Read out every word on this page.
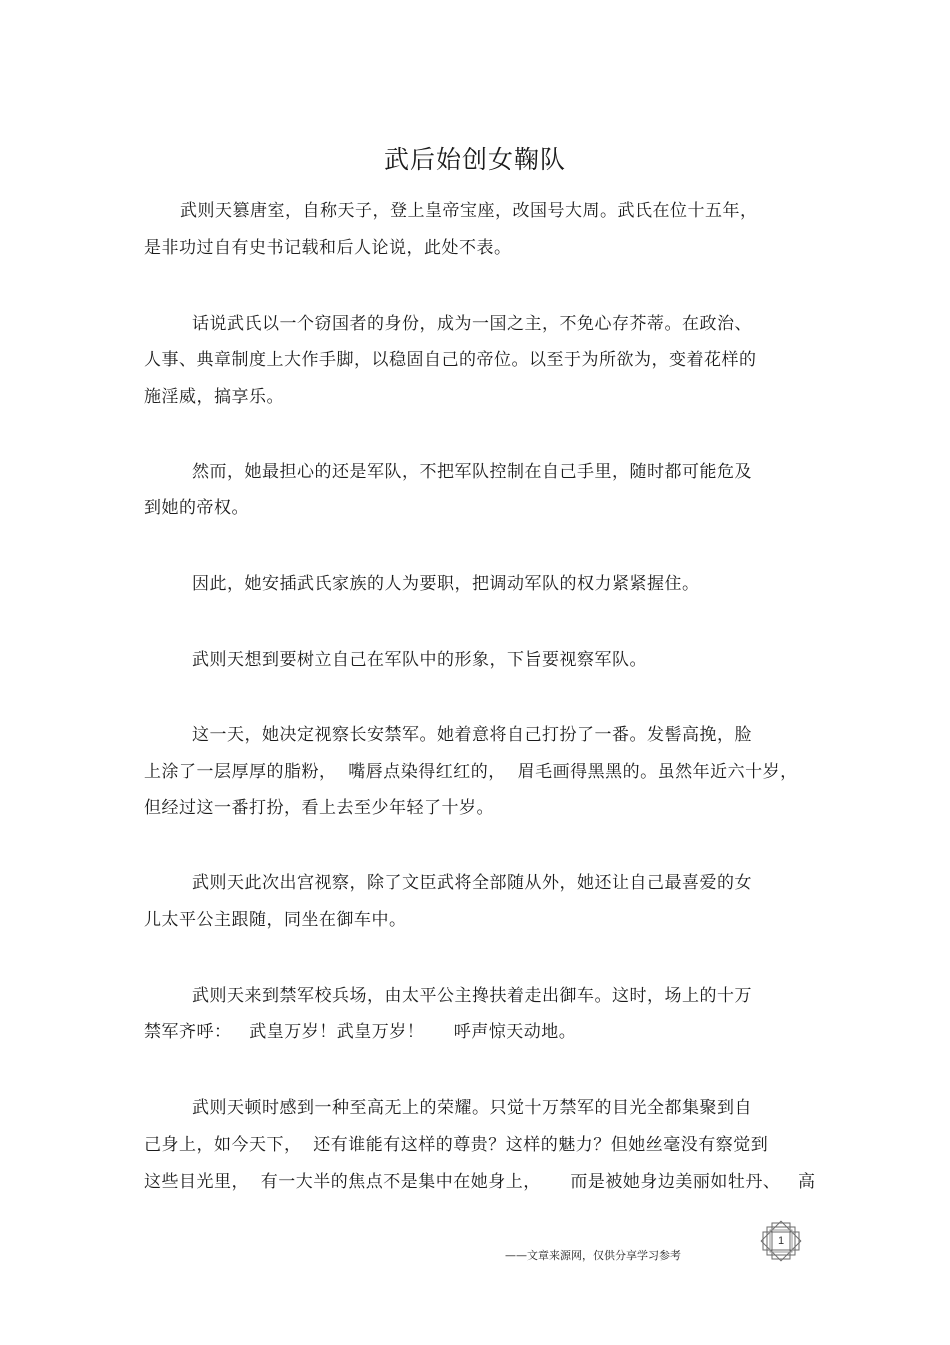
武后始创女鞠队
武则天篡唐室，自称天子，登上皇帝宝座，改国号大周。武氏在位十五年，
是非功过自有史书记载和后人论说，此处不表。
话说武氏以一个窃国者的身份，成为一国之主，不免心存芥蒂。在政治、
人事、典章制度上大作手脚，以稳固自己的帝位。以至于为所欲为，变着花样的
施淫威，搞享乐。
然而，她最担心的还是军队，不把军队控制在自己手里，随时都可能危及
到她的帝权。
因此，她安插武氏家族的人为要职，把调动军队的权力紧紧握住。
武则天想到要树立自己在军队中的形象，下旨要视察军队。
这一天，她决定视察长安禁军。她着意将自己打扮了一番。发髻高挽，脸
上涂了一层厚厚的脂粉，  嘴唇点染得红红的，  眉毛画得黑黑的。虽然年近六十岁，
但经过这一番打扮，看上去至少年轻了十岁。
武则天此次出宫视察，除了文臣武将全部随从外，她还让自己最喜爱的女
儿太平公主跟随，同坐在御车中。
武则天来到禁军校兵场，由太平公主搀扶着走出御车。这时，场上的十万
禁军齐呼：   武皇万岁！武皇万岁！     呼声惊天动地。
武则天顿时感到一种至高无上的荣耀。只觉十万禁军的目光全都集聚到自
己身上，如今天下，  还有谁能有这样的尊贵？这样的魅力？但她丝毫没有察觉到
这些目光里，  有一大半的焦点不是集中在她身上，     而是被她身边美丽如牡丹、   高
——文章来源网，仅供分享学习参考
1
